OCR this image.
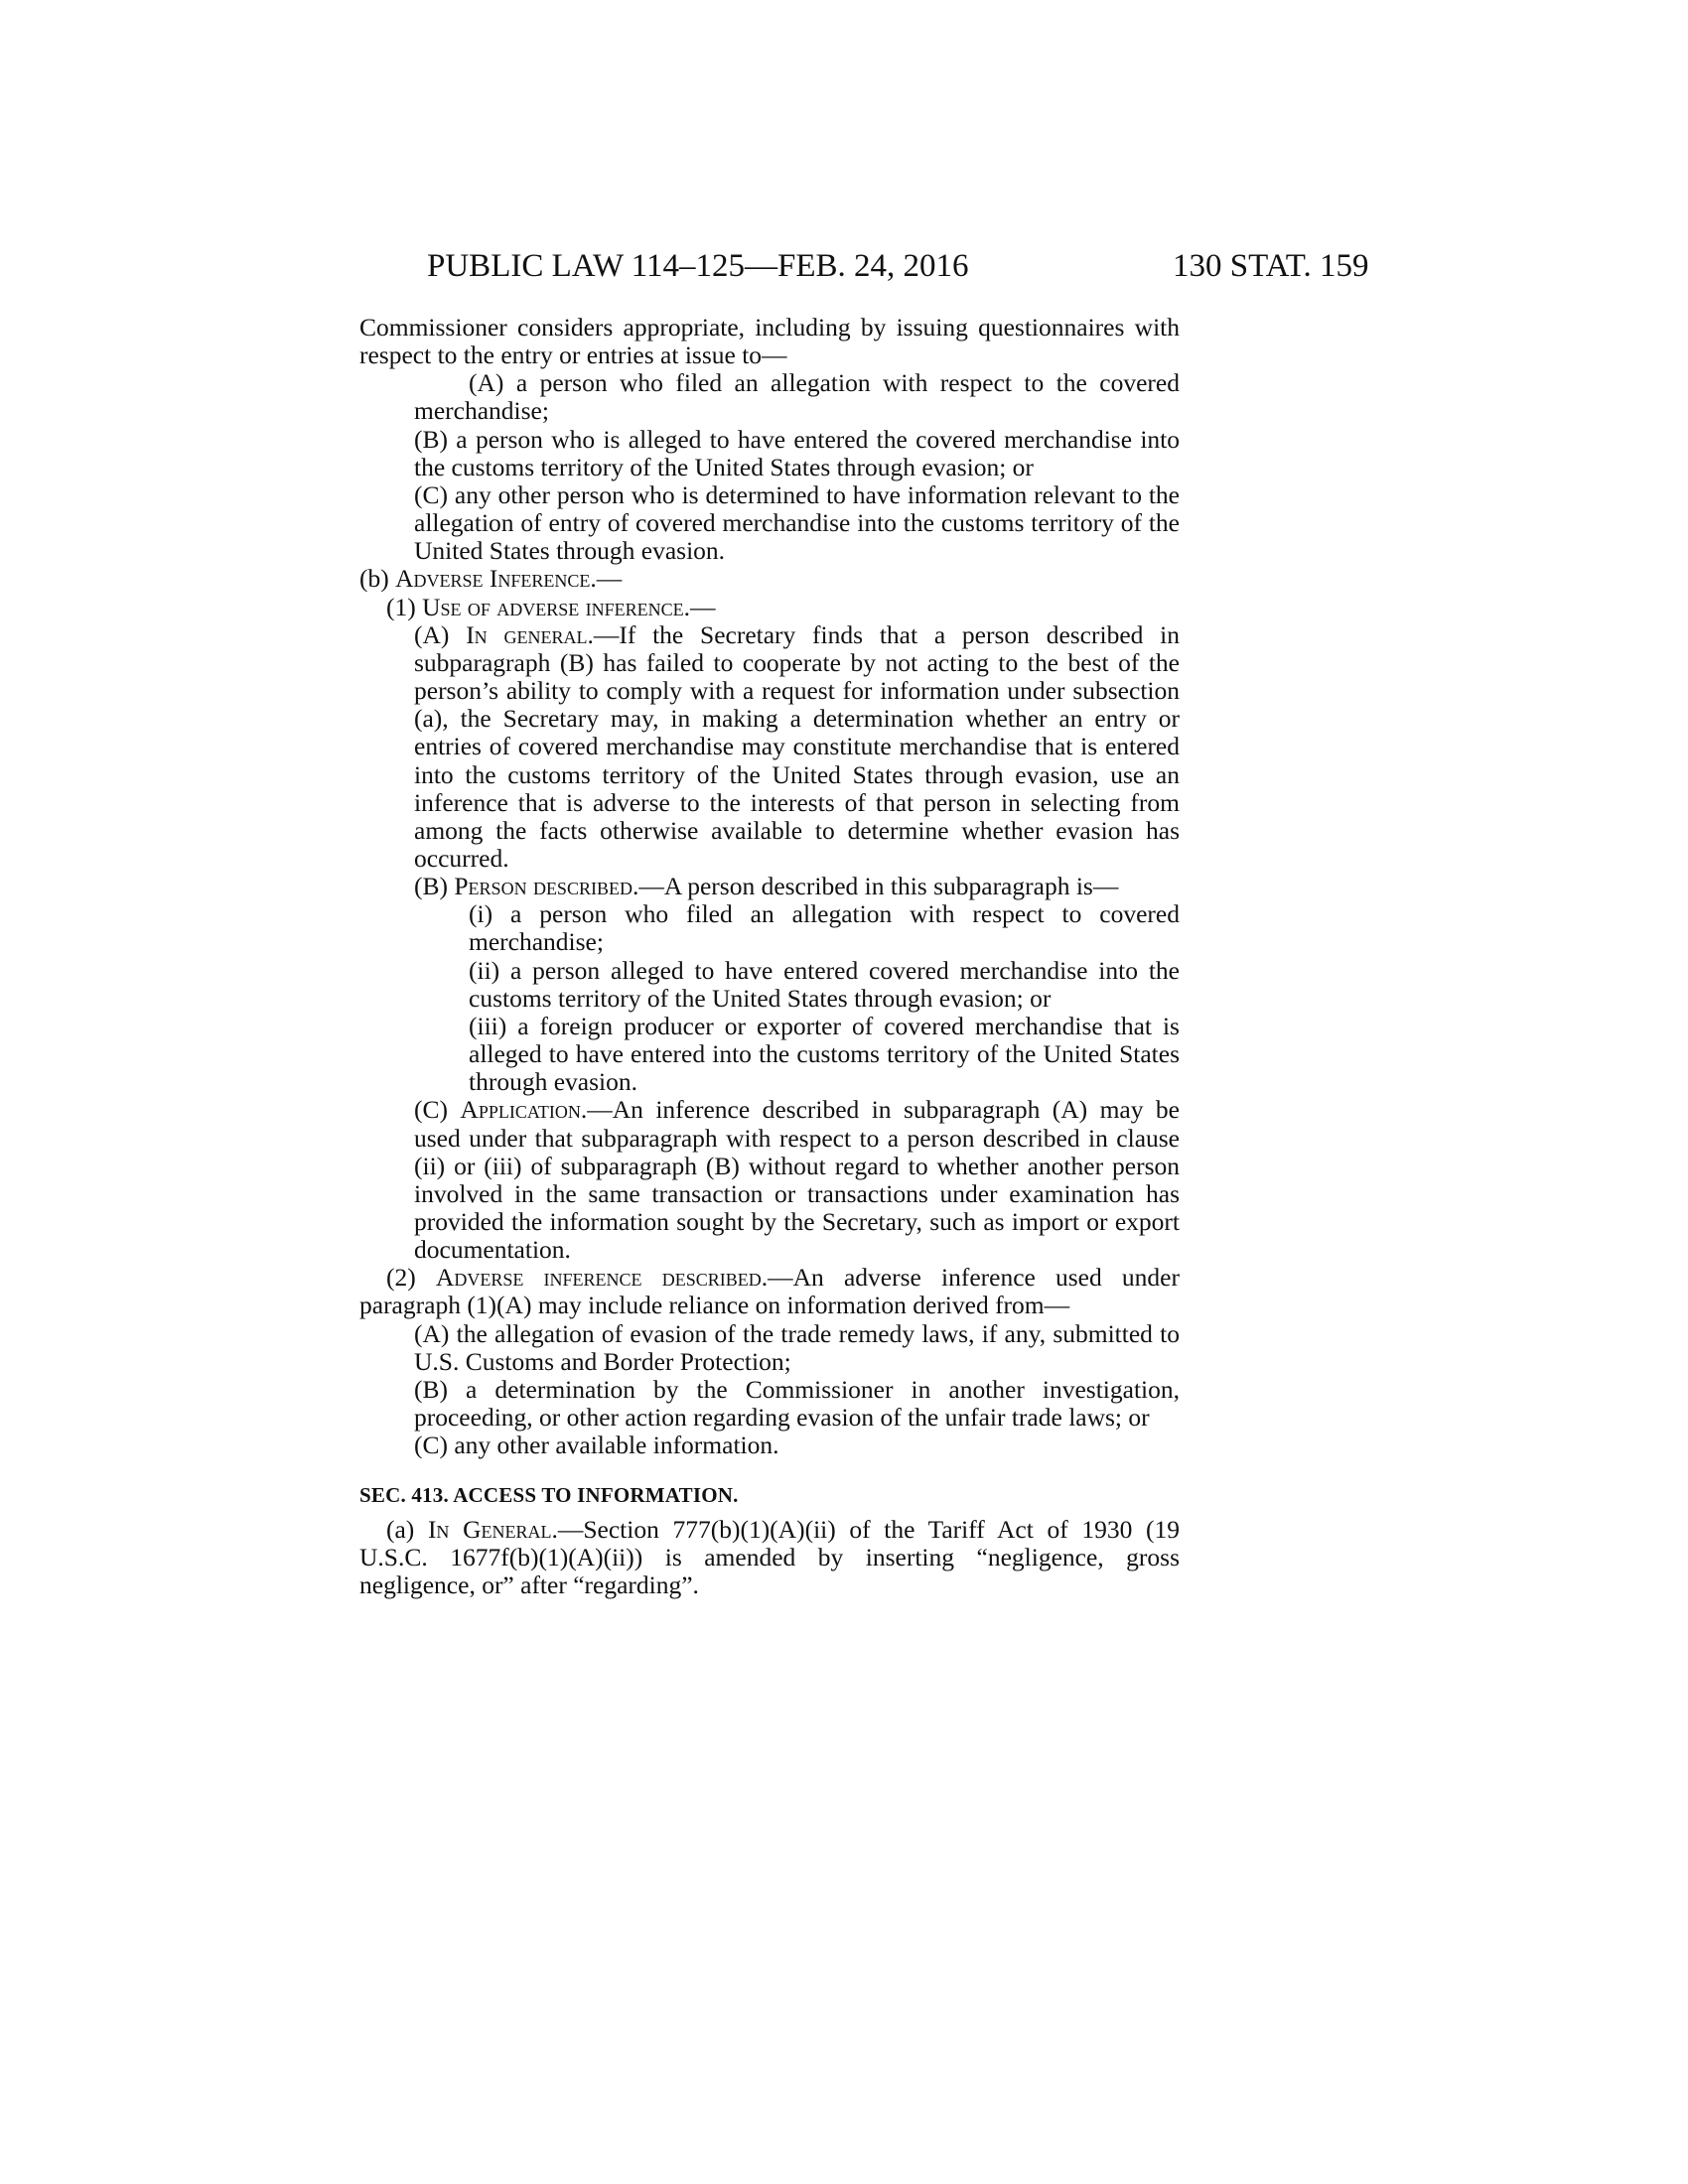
PUBLIC LAW 114–125—FEB. 24, 2016	130 STAT. 159
Commissioner considers appropriate, including by issuing questionnaires with respect to the entry or entries at issue to—
(A) a person who filed an allegation with respect to the covered merchandise;
(B) a person who is alleged to have entered the covered merchandise into the customs territory of the United States through evasion; or
(C) any other person who is determined to have information relevant to the allegation of entry of covered merchandise into the customs territory of the United States through evasion.
(b) Adverse Inference.—
(1) Use of adverse inference.—
(A) In general.—If the Secretary finds that a person described in subparagraph (B) has failed to cooperate by not acting to the best of the person’s ability to comply with a request for information under subsection (a), the Secretary may, in making a determination whether an entry or entries of covered merchandise may constitute merchandise that is entered into the customs territory of the United States through evasion, use an inference that is adverse to the interests of that person in selecting from among the facts otherwise available to determine whether evasion has occurred.
(B) Person described.—A person described in this subparagraph is—
(i) a person who filed an allegation with respect to covered merchandise;
(ii) a person alleged to have entered covered merchandise into the customs territory of the United States through evasion; or
(iii) a foreign producer or exporter of covered merchandise that is alleged to have entered into the customs territory of the United States through evasion.
(C) Application.—An inference described in subparagraph (A) may be used under that subparagraph with respect to a person described in clause (ii) or (iii) of subparagraph (B) without regard to whether another person involved in the same transaction or transactions under examination has provided the information sought by the Secretary, such as import or export documentation.
(2) Adverse inference described.—An adverse inference used under paragraph (1)(A) may include reliance on information derived from—
(A) the allegation of evasion of the trade remedy laws, if any, submitted to U.S. Customs and Border Protection;
(B) a determination by the Commissioner in another investigation, proceeding, or other action regarding evasion of the unfair trade laws; or
(C) any other available information.
SEC. 413. ACCESS TO INFORMATION.
(a) In General.—Section 777(b)(1)(A)(ii) of the Tariff Act of 1930 (19 U.S.C. 1677f(b)(1)(A)(ii)) is amended by inserting “negligence, gross negligence, or” after “regarding”.
